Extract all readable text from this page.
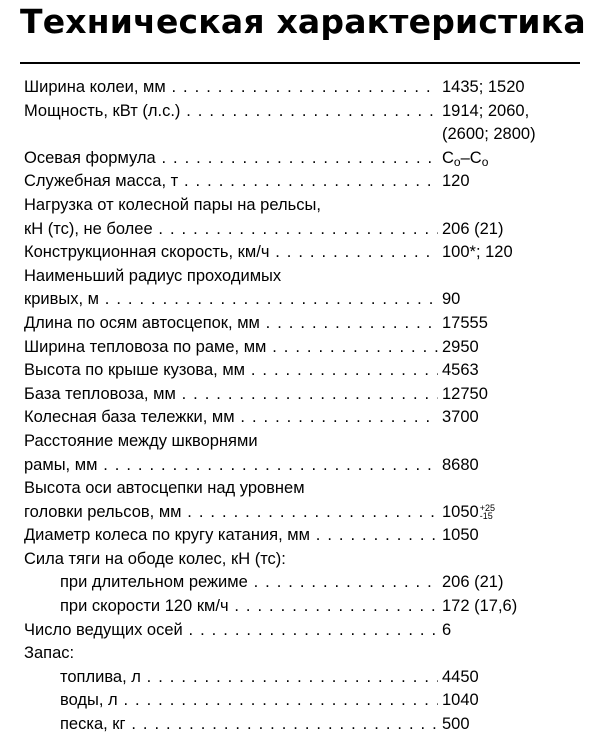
Техническая характеристика
Ширина колеи, мм . . .	1435; 1520
Мощность, кВт (л.с.) . . .	1914; 2060,
(2600; 2800)
Осевая формула . . .	$C_o-C_o$
Служебная масса, т . . .	120
Нагрузка от колесной пары на рельсы,
кН (тс), не более . . .	206 (21)
Конструкционная скорость, км/ч . . .	100*; 120
Наименьший радиус проходимых
кривых, м . . .	90
Длина по осям автосцепок, мм . . .	17555
Ширина тепловоза по раме, мм . . .	2950
Высота по крыше кузова, мм . . .	4563
База тепловоза, мм . . .	12750
Колесная база тележки, мм . . .	3700
Расстояние между шкворнями
рамы, мм . . .	8680
Высота оси автосцепки над уровнем
головки рельсов, мм . . .	1050 +25
-15
Диаметр колеса по кругу катания, мм . . .	1050
Сила тяги на ободе колес, кН (тс):
при длительном режиме . . .	206 (21)
при скорости 120 км/ч . . .	172 (17,6)
Число ведущих осей . . .	6
Запас:
топлива, л . . .	4450
воды, л . . .	1040
песка, кг . . .	500
